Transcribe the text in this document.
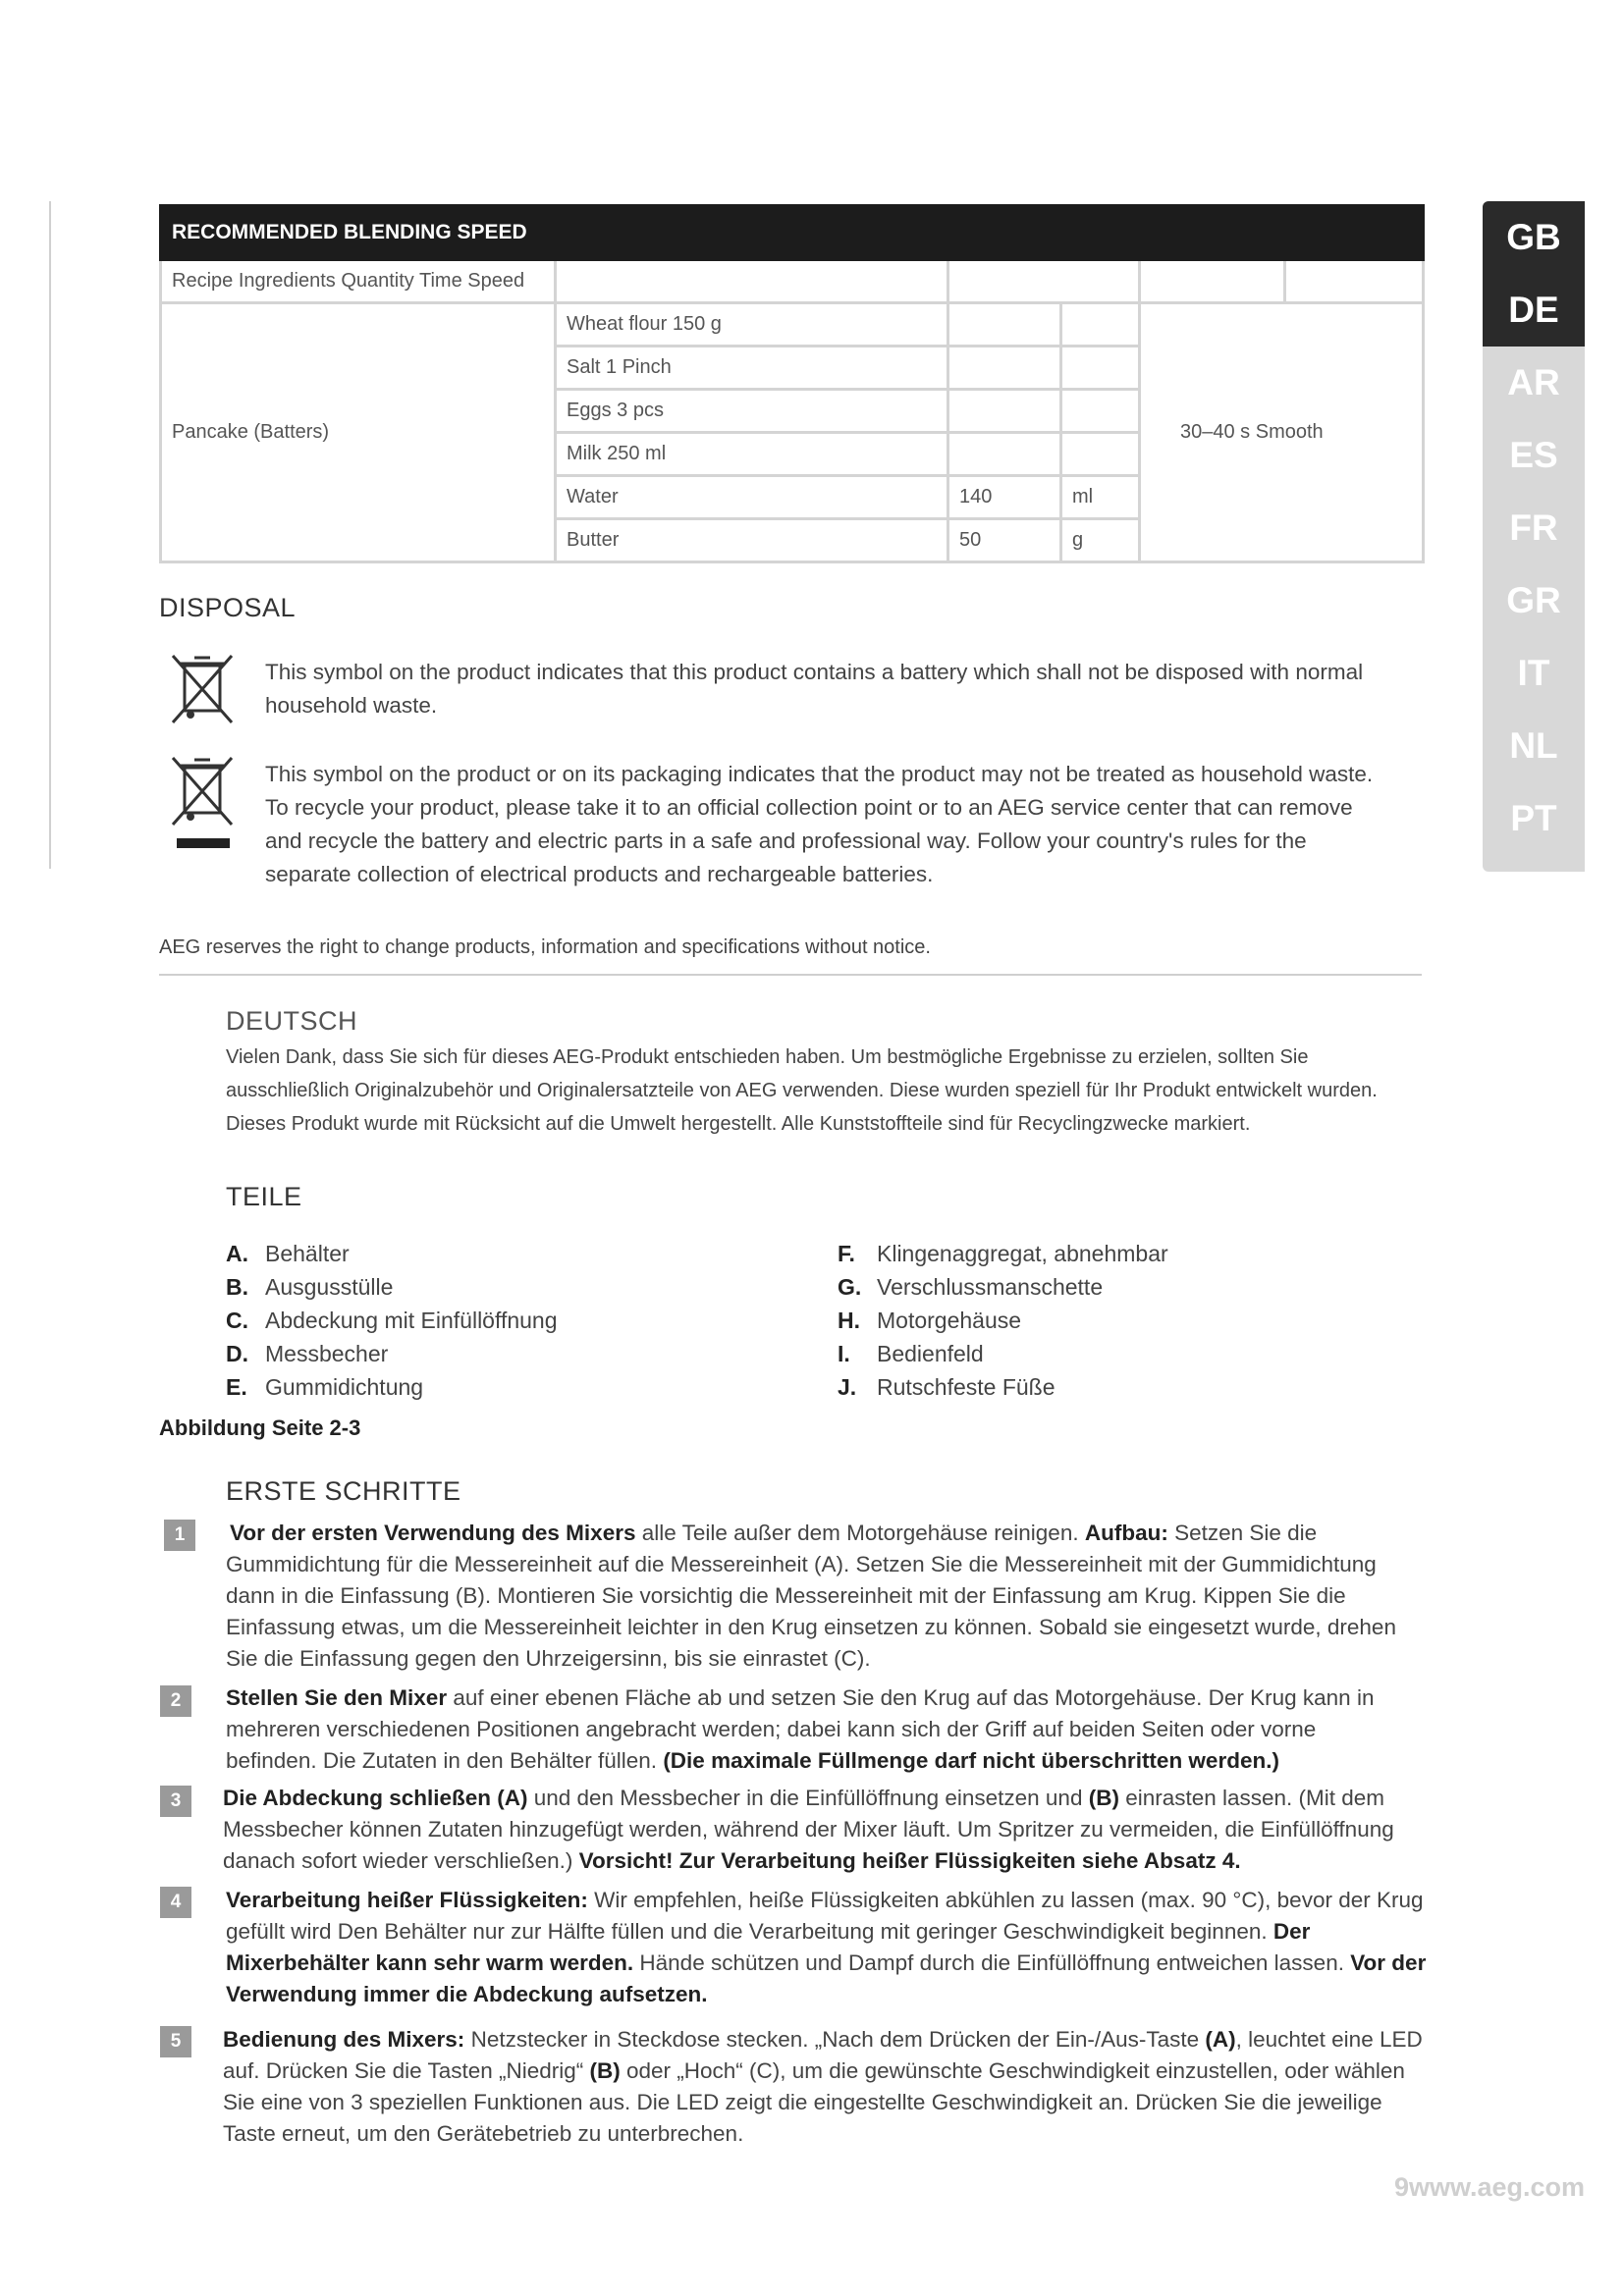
GB
DE
AR
ES
FR
GR
IT
NL
PT
RECOMMENDED BLENDING SPEED					
Recipe Ingredients Quantity Time Speed					
Pancake (Batters)	Wheat flour 150 g			30–40 s Smooth	
	Salt 1 Pinch				
	Eggs 3 pcs				
	Milk 250 ml				
	Water	140	ml		
	Butter	50	g		
DISPOSAL
This symbol on the product indicates that this product contains a battery which shall not be disposed with normal household waste.
This symbol on the product or on its packaging indicates that the product may not be treated as household waste. To recycle your product, please take it to an official collection point or to an AEG service center that can remove and recycle the battery and electric parts in a safe and professional way. Follow your country's rules for the separate collection of electrical products and rechargeable batteries.
AEG reserves the right to change products, information and specifications without notice.
DEUTSCH
Vielen Dank, dass Sie sich für dieses AEG-Produkt entschieden haben. Um bestmögliche Ergebnisse zu erzielen, sollten Sie ausschließlich Originalzubehör und Originalersatzteile von AEG verwenden. Diese wurden speziell für Ihr Produkt entwickelt wurden. Dieses Produkt wurde mit Rücksicht auf die Umwelt hergestellt. Alle Kunststoffteile sind für Recyclingzwecke markiert.
TEILE
A. Behälter
B. Ausgusstülle
C. Abdeckung mit Einfüllöffnung
D. Messbecher
E. Gummidichtung
F. Klingenaggregat, abnehmbar
G. Verschlussmanschette
H. Motorgehäuse
I.	Bedienfeld
J. Rutschfeste Füße
Abbildung Seite 2-3
ERSTE SCHRITTE
1	Vor der ersten Verwendung des Mixers alle Teile außer dem Motorgehäuse reinigen. Aufbau: Setzen Sie die Gummidichtung für die Messereinheit auf die Messereinheit (A). Setzen Sie die Messereinheit mit der Gummidichtung dann in die Einfassung (B). Montieren Sie vorsichtig die Messereinheit mit der Einfassung am Krug. Kippen Sie die Einfassung etwas, um die Messereinheit leichter in den Krug einsetzen zu können. Sobald sie eingesetzt wurde, drehen Sie die Einfassung gegen den Uhrzeigersinn, bis sie einrastet (C).
2	Stellen Sie den Mixer auf einer ebenen Fläche ab und setzen Sie den Krug auf das Motorgehäuse. Der Krug kann in mehreren verschiedenen Positionen angebracht werden; dabei kann sich der Griff auf beiden Seiten oder vorne befinden. Die Zutaten in den Behälter füllen. (Die maximale Füllmenge darf nicht überschritten werden.)
3	Die Abdeckung schließen (A) und den Messbecher in die Einfüllöffnung einsetzen und (B) einrasten lassen. (Mit dem Messbecher können Zutaten hinzugefügt werden, während der Mixer läuft. Um Spritzer zu vermeiden, die Einfüllöffnung danach sofort wieder verschließen.) Vorsicht! Zur Verarbeitung heißer Flüssigkeiten siehe Absatz 4.
4	Verarbeitung heißer Flüssigkeiten: Wir empfehlen, heiße Flüssigkeiten abkühlen zu lassen (max. 90 °C), bevor der Krug gefüllt wird Den Behälter nur zur Hälfte füllen und die Verarbeitung mit geringer Geschwindigkeit beginnen. Der Mixerbehälter kann sehr warm werden. Hände schützen und Dampf durch die Einfüllöffnung entweichen lassen. Vor der Verwendung immer die Abdeckung aufsetzen.
5	Bedienung des Mixers: Netzstecker in Steckdose stecken. „Nach dem Drücken der Ein-/Aus-Taste (A), leuchtet eine LED auf. Drücken Sie die Tasten „Niedrig“ (B) oder „Hoch“ (C), um die gewünschte Geschwindigkeit einzustellen, oder wählen Sie eine von 3 speziellen Funktionen aus. Die LED zeigt die eingestellte Geschwindigkeit an. Drücken Sie die jeweilige Taste erneut, um den Gerätebetrieb zu unterbrechen.
9www.aeg.com
